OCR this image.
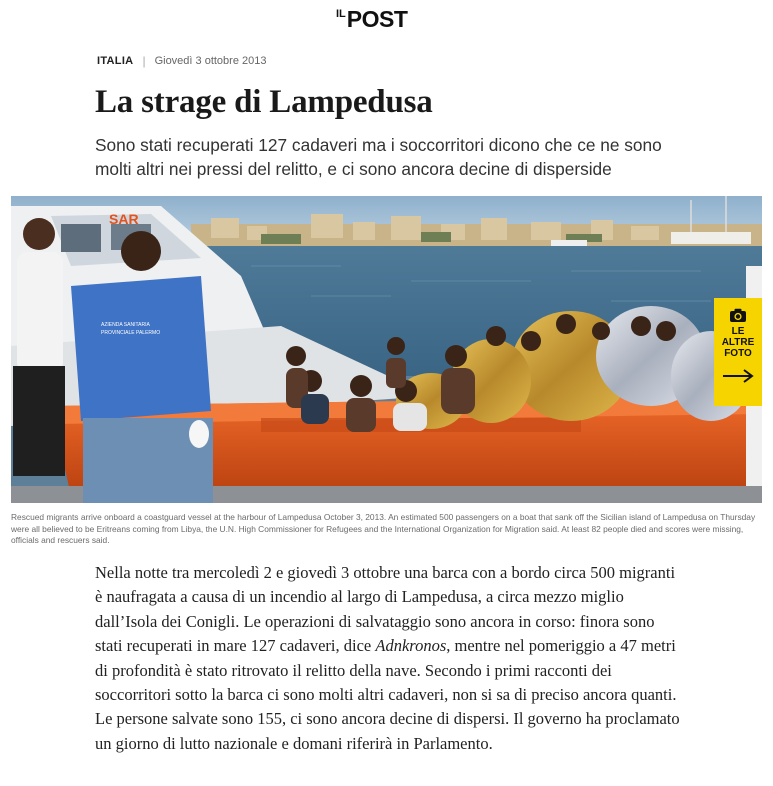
IL POST
ITALIA | Giovedì 3 ottobre 2013
La strage di Lampedusa

Sono stati recuperati 127 cadaveri ma i soccorritori dicono che ce ne sono molti altri nei pressi del relitto, e ci sono ancora decine di disperside

SAR
AZIENDA SANITARIA
PROVINCIALE PALERMO	LE
ALTRE
FOTO

Rescued migrants arrive onboard a coastguard vessel at the harbour of Lampedusa October 3, 2013. An estimated 500 passengers on a boat that sank off the Sicilian island of Lampedusa on Thursday were all believed to be Eritreans coming from Libya, the U.N. High Commissioner for Refugees and the International Organization for Migration said. At least 82 people died and scores were missing, officials and rescuers said.

Nella notte tra mercoledì 2 e giovedì 3 ottobre una barca con a bordo circa 500 migranti è naufragata a causa di un incendio al largo di Lampedusa, a circa mezzo miglio dall’Isola dei Conigli. Le operazioni di salvataggio sono ancora in corso: finora sono stati recuperati in mare 127 cadaveri, dice Adnkronos, mentre nel pomeriggio a 47 metri di profondità è stato ritrovato il relitto della nave. Secondo i primi racconti dei soccorritori sotto la barca ci sono molti altri cadaveri, non si sa di preciso ancora quanti. Le persone salvate sono 155, ci sono ancora decine di dispersi. Il governo ha proclamato un giorno di lutto nazionale e domani riferirà in Parlamento.
